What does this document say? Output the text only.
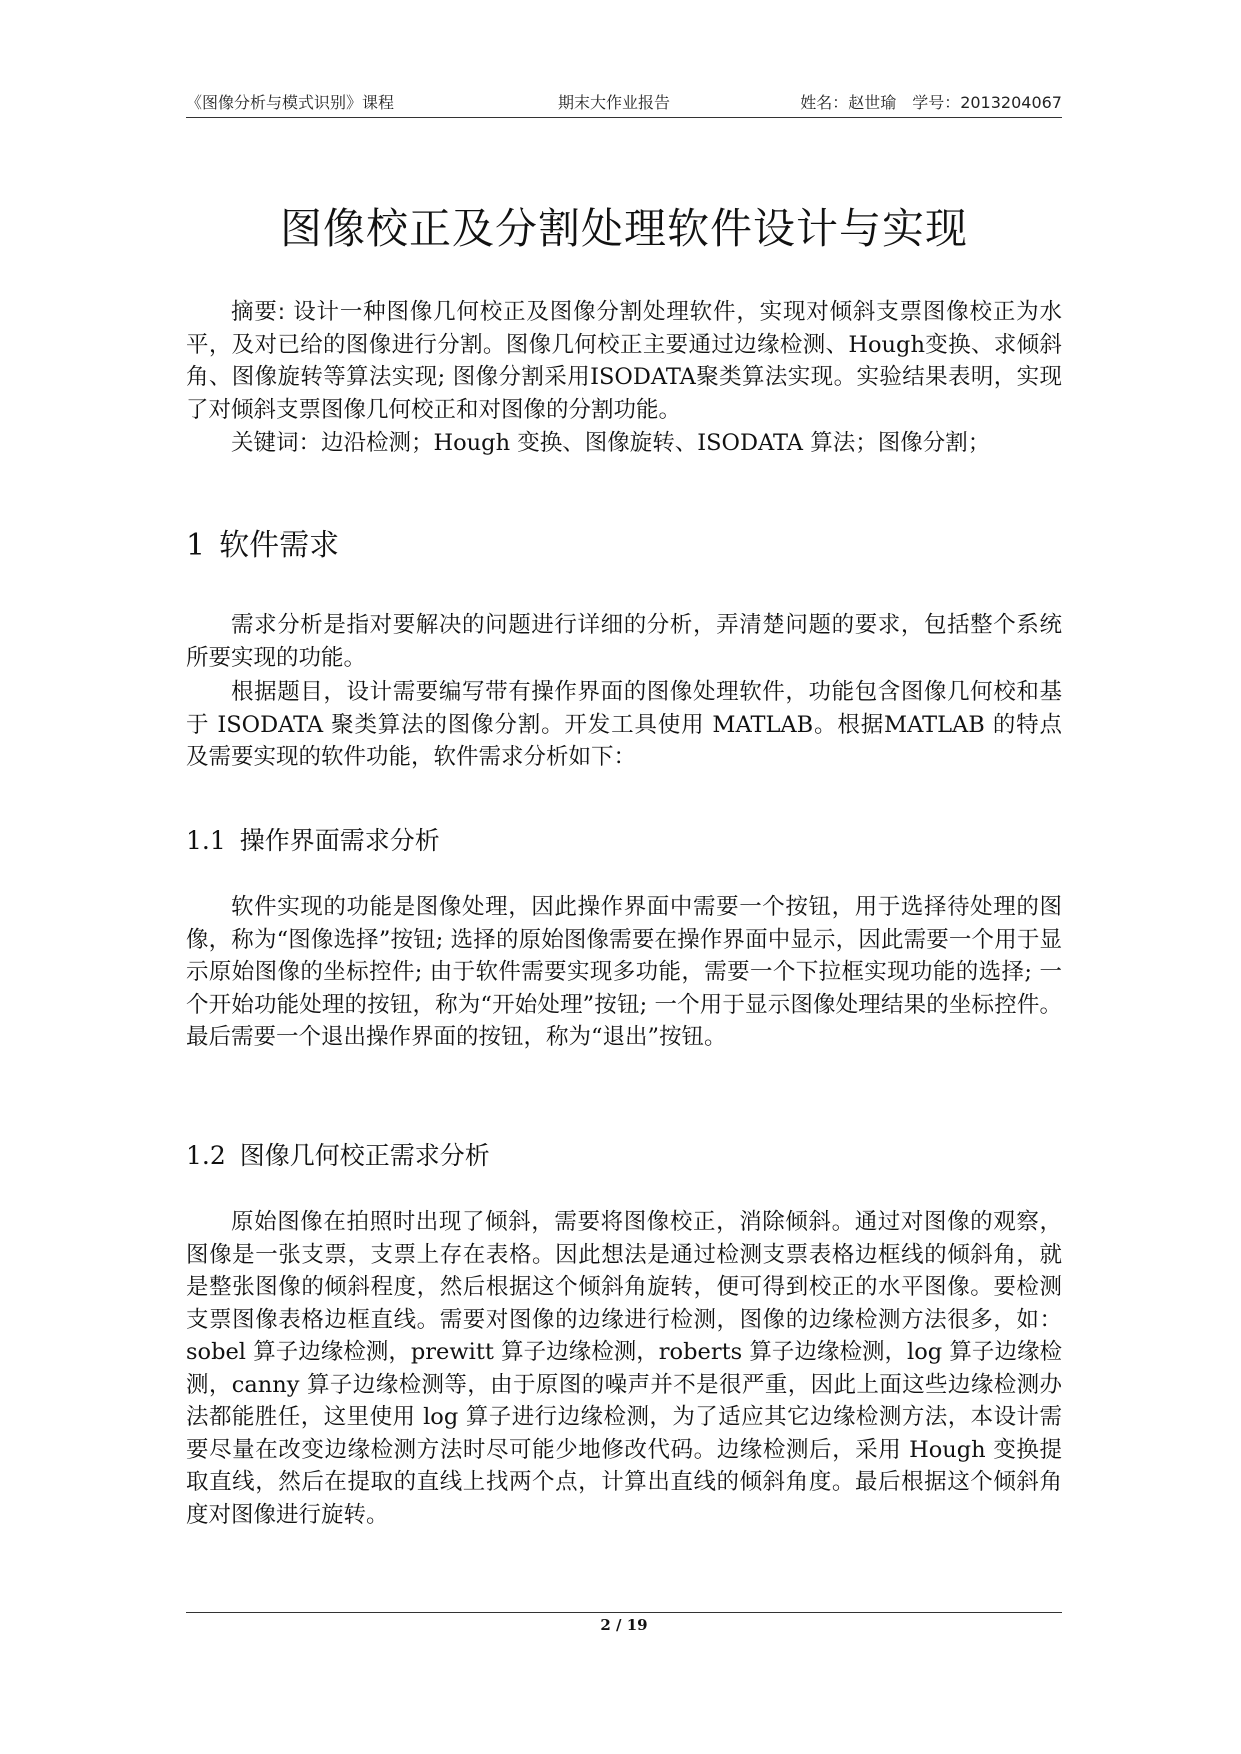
《图像分析与模式识别》课程	期末大作业报告	姓名：赵世瑜　学号：2013204067
图像校正及分割处理软件设计与实现

摘要: 设计一种图像几何校正及图像分割处理软件，实现对倾斜支票图像校正为水平，及对已给的图像进行分割。图像几何校正主要通过边缘检测、Hough变换、求倾斜角、图像旋转等算法实现; 图像分割采用ISODATA聚类算法实现。实验结果表明，实现了对倾斜支票图像几何校正和对图像的分割功能。

关键词：边沿检测；Hough 变换、图像旋转、ISODATA 算法；图像分割；

1 软件需求

需求分析是指对要解决的问题进行详细的分析，弄清楚问题的要求，包括整个系统所要实现的功能。

根据题目，设计需要编写带有操作界面的图像处理软件，功能包含图像几何校和基于 ISODATA 聚类算法的图像分割。开发工具使用 MATLAB。根据MATLAB 的特点及需要实现的软件功能，软件需求分析如下：

1.1 操作界面需求分析

软件实现的功能是图像处理，因此操作界面中需要一个按钮，用于选择待处理的图像，称为“图像选择”按钮; 选择的原始图像需要在操作界面中显示，因此需要一个用于显示原始图像的坐标控件; 由于软件需要实现多功能，需要一个下拉框实现功能的选择; 一个开始功能处理的按钮，称为“开始处理”按钮; 一个用于显示图像处理结果的坐标控件。最后需要一个退出操作界面的按钮，称为“退出”按钮。

1.2 图像几何校正需求分析

原始图像在拍照时出现了倾斜，需要将图像校正，消除倾斜。通过对图像的观察，图像是一张支票，支票上存在表格。因此想法是通过检测支票表格边框线的倾斜角，就是整张图像的倾斜程度，然后根据这个倾斜角旋转，便可得到校正的水平图像。要检测支票图像表格边框直线。需要对图像的边缘进行检测，图像的边缘检测方法很多，如：sobel 算子边缘检测，prewitt 算子边缘检测，roberts 算子边缘检测，log 算子边缘检测，canny 算子边缘检测等，由于原图的噪声并不是很严重，因此上面这些边缘检测办法都能胜任，这里使用 log 算子进行边缘检测，为了适应其它边缘检测方法，本设计需要尽量在改变边缘检测方法时尽可能少地修改代码。边缘检测后，采用 Hough 变换提取直线，然后在提取的直线上找两个点，计算出直线的倾斜角度。最后根据这个倾斜角度对图像进行旋转。

2 / 19
